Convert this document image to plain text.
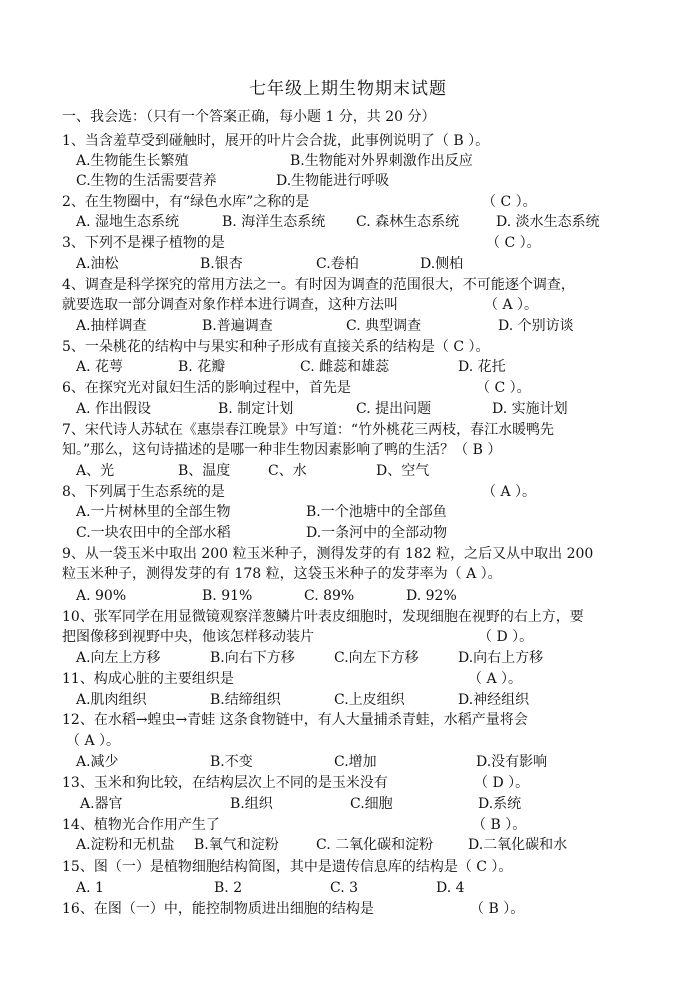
七年级上期生物期末试题
一、我会选：（只有一个答案正确，每小题 1 分，共 20 分）
1、当含羞草受到碰触时，展开的叶片会合拢，此事例说明了（ B ）。
A.生物能生长繁殖	B.生物能对外界刺激作出反应
C.生物的生活需要营养	D.生物能进行呼吸
2、在生物圈中，有“绿色水库”之称的是	（ C ）。
A. 湿地生态系统	B. 海洋生态系统 C. 森林生态系统	D. 淡水生态系统
3、下列不是裸子植物的是	（ C ）。
A.油松	B.银杏	C.卷柏	D.侧柏
4、调查是科学探究的常用方法之一。有时因为调查的范围很大，不可能逐个调查，
就要选取一部分调查对象作样本进行调查，这种方法叫	（ A ）。
A.抽样调查	B.普遍调查	C. 典型调查	D. 个别访谈
5、一朵桃花的结构中与果实和种子形成有直接关系的结构是（ C ）。
A. 花萼	B. 花瓣	C. 雌蕊和雄蕊	D. 花托
6、在探究光对鼠妇生活的影响过程中，首先是	（ C ）。
A. 作出假设	B. 制定计划	C. 提出问题	D. 实施计划
7、宋代诗人苏轼在《惠崇春江晚景》中写道：“竹外桃花三两枝，春江水暖鸭先
知。”那么，这句诗描述的是哪一种非生物因素影响了鸭的生活？（ B ）
A、光	B、温度	C、水	D、空气
8、下列属于生态系统的是	（ A ）。
A.一片树林里的全部生物	B.一个池塘中的全部鱼
C.一块农田中的全部水稻	D.一条河中的全部动物
9、从一袋玉米中取出 200 粒玉米种子，测得发芽的有 182 粒，之后又从中取出 200
粒玉米种子，测得发芽的有 178 粒，这袋玉米种子的发芽率为（ A ）。
A. 90%	B. 91%	C. 89%	D. 92%
10、张军同学在用显微镜观察洋葱鳞片叶表皮细胞时，发现细胞在视野的右上方，要
把图像移到视野中央，他该怎样移动装片	（ D ）。
A.向左上方移	B.向右下方移	C.向左下方移	D.向右上方移
11、构成心脏的主要组织是	（ A ）。
A.肌肉组织	B.结缔组织	C.上皮组织	D.神经组织
12、在水稻→蝗虫→青蛙 这条食物链中，有人大量捕杀青蛙，水稻产量将会
（ A ）。
A.减少	B.不变	C.增加	D.没有影响
13、玉米和狗比较，在结构层次上不同的是玉米没有	（ D ）。
A.器官	B.组织	C.细胞	D.系统
14、植物光合作用产生了	（ B ）。
A.淀粉和无机盐 B.氧气和淀粉	C. 二氧化碳和淀粉 D.二氧化碳和水
15、图（一）是植物细胞结构简图，其中是遗传信息库的结构是（ C ）。
A. 1	B. 2	C. 3	D. 4
16、在图（一）中，能控制物质进出细胞的结构是	（ B ）。
